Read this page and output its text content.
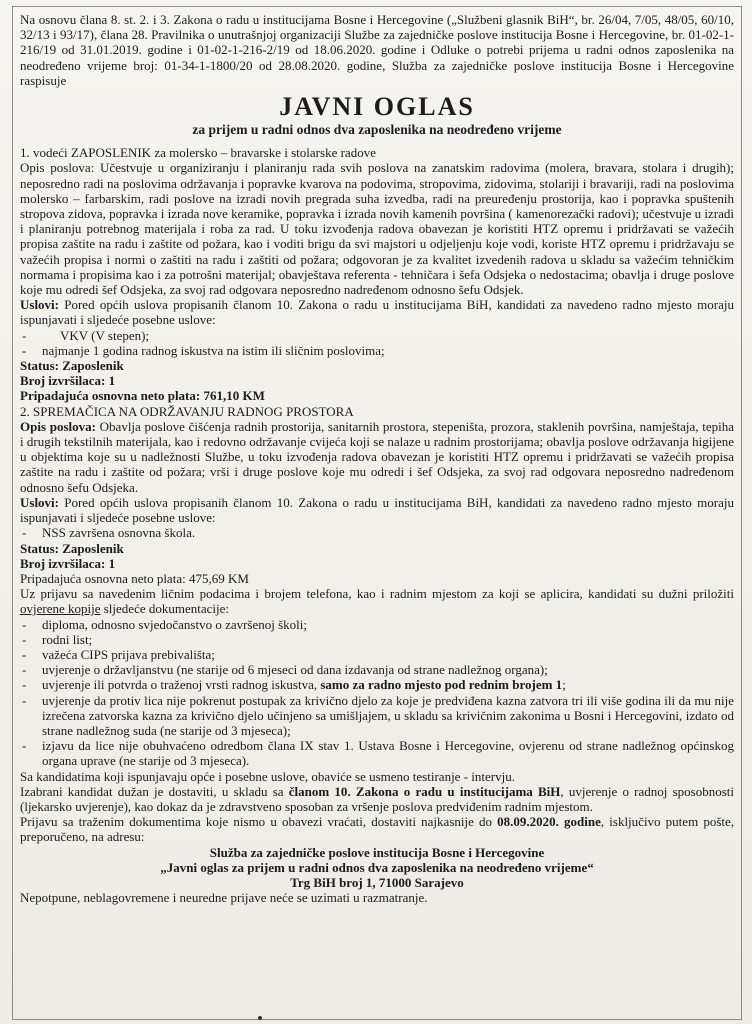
Na osnovu člana 8. st. 2. i 3. Zakona o radu u institucijama Bosne i Hercegovine („Službeni glasnik BiH“, br. 26/04, 7/05, 48/05, 60/10, 32/13 i 93/17), člana 28. Pravilnika o unutrašnjoj organizaciji Službe za zajedničke poslove institucija Bosne i Hercegovine, br. 01-02-1-216/19 od 31.01.2019. godine i 01-02-1-216-2/19 od 18.06.2020. godine i Odluke o potrebi prijema u radni odnos zaposlenika na neodređeno vrijeme broj: 01-34-1-1800/20 od 28.08.2020. godine, Služba za zajedničke poslove institucija Bosne i Hercegovine raspisuje

JAVNI OGLAS
za prijem u radni odnos dva zaposlenika na neodređeno vrijeme

1. vodeći ZAPOSLENIK za molersko – bravarske i stolarske radove

Opis poslova: Učestvuje u organiziranju i planiranju rada svih poslova na zanatskim radovima (molera, bravara, stolara i drugih); neposredno radi na poslovima održavanja i popravke kvarova na podovima, stropovima, zidovima, stolariji i bravariji, radi na poslovima molersko – farbarskim, radi poslove na izradi novih pregrada suha izvedba, radi na preuređenju prostorija, kao i popravka spuštenih stropova zidova, popravka i izrada nove keramike, popravka i izrada novih kamenih površina ( kamenorezački radovi); učestvuje u izradi i planiranju potrebnog materijala i roba za rad. U toku izvođenja radova obavezan je koristiti HTZ opremu i pridržavati se važećih propisa zaštite na radu i zaštite od požara, kao i voditi brigu da svi majstori u odjeljenju koje vodi, koriste HTZ opremu i pridržavaju se važećih propisa i normi o zaštiti na radu i zaštiti od požara; odgovoran je za kvalitet izvedenih radova u skladu sa važećim tehničkim normama i propisima kao i za potrošni materijal; obavještava referenta - tehničara i šefa Odsjeka o nedostacima; obavlja i druge poslove koje mu odredi šef Odsjeka, za svoj rad odgovara neposredno nadređenom odnosno šefu Odsjek.

Uslovi: Pored općih uslova propisanih članom 10. Zakona o radu u institucijama BiH, kandidati za navedeno radno mjesto moraju ispunjavati i sljedeće posebne uslove:

- VKV (V stepen);
- najmanje 1 godina radnog iskustva na istim ili sličnim poslovima;

Status: Zaposlenik

Broj izvršilaca: 1

Pripadajuća osnovna neto plata: 761,10 KM

2. SPREMAČICA NA ODRŽAVANJU RADNOG PROSTORA

Opis poslova: Obavlja poslove čišćenja radnih prostorija, sanitarnih prostora, stepeništa, prozora, staklenih površina, namještaja, tepiha i drugih tekstilnih materijala, kao i redovno održavanje cvijeća koji se nalaze u radnim prostorijama; obavlja poslove održavanja higijene u objektima koje su u nadležnosti Službe, u toku izvođenja radova obavezan je koristiti HTZ opremu i pridržavati se važećih propisa zaštite na radu i zaštite od požara; vrši i druge poslove koje mu odredi i šef Odsjeka, za svoj rad odgovara neposredno nadređenom odnosno šefu Odsjeka.

Uslovi: Pored općih uslova propisanih članom 10. Zakona o radu u institucijama BiH, kandidati za navedeno radno mjesto moraju ispunjavati i sljedeće posebne uslove:

- NSS završena osnovna škola.

Status: Zaposlenik

Broj izvršilaca: 1

Pripadajuća osnovna neto plata: 475,69 KM

Uz prijavu sa navedenim ličnim podacima i brojem telefona, kao i radnim mjestom za koji se aplicira, kandidati su dužni priložiti ovjerene kopije sljedeće dokumentacije:

- diploma, odnosno svjedočanstvo o završenoj školi;
- rodni list;
- važeća CIPS prijava prebivališta;
- uvjerenje o državljanstvu (ne starije od 6 mjeseci od dana izdavanja od strane nadležnog organa);
- uvjerenje ili potvrda o traženoj vrsti radnog iskustva, samo za radno mjesto pod rednim brojem 1;
- uvjerenje da protiv lica nije pokrenut postupak za krivično djelo za koje je predviđena kazna zatvora tri ili više godina ili da mu nije izrečena zatvorska kazna za krivično djelo učinjeno sa umišljajem, u skladu sa krivičnim zakonima u Bosni i Hercegovini, izdato od strane nadležnog suda (ne starije od 3 mjeseca);
- izjavu da lice nije obuhvaćeno odredbom člana IX stav 1. Ustava Bosne i Hercegovine, ovjerenu od strane nadležnog općinskog organa uprave (ne starije od 3 mjeseca).

Sa kandidatima koji ispunjavaju opće i posebne uslove, obaviće se usmeno testiranje - intervju.

Izabrani kandidat dužan je dostaviti, u skladu sa članom 10. Zakona o radu u institucijama BiH, uvjerenje o radnoj sposobnosti (ljekarsko uvjerenje), kao dokaz da je zdravstveno sposoban za vršenje poslova predviđenim radnim mjestom.

Prijavu sa traženim dokumentima koje nismo u obavezi vraćati, dostaviti najkasnije do 08.09.2020. godine, isključivo putem pošte, preporučeno, na adresu:

Služba za zajedničke poslove institucija Bosne i Hercegovine
„Javni oglas za prijem u radni odnos dva zaposlenika na neodređeno vrijeme“
Trg BiH broj 1, 71000 Sarajevo

Nepotpune, neblagovremene i neuredne prijave neće se uzimati u razmatranje.
